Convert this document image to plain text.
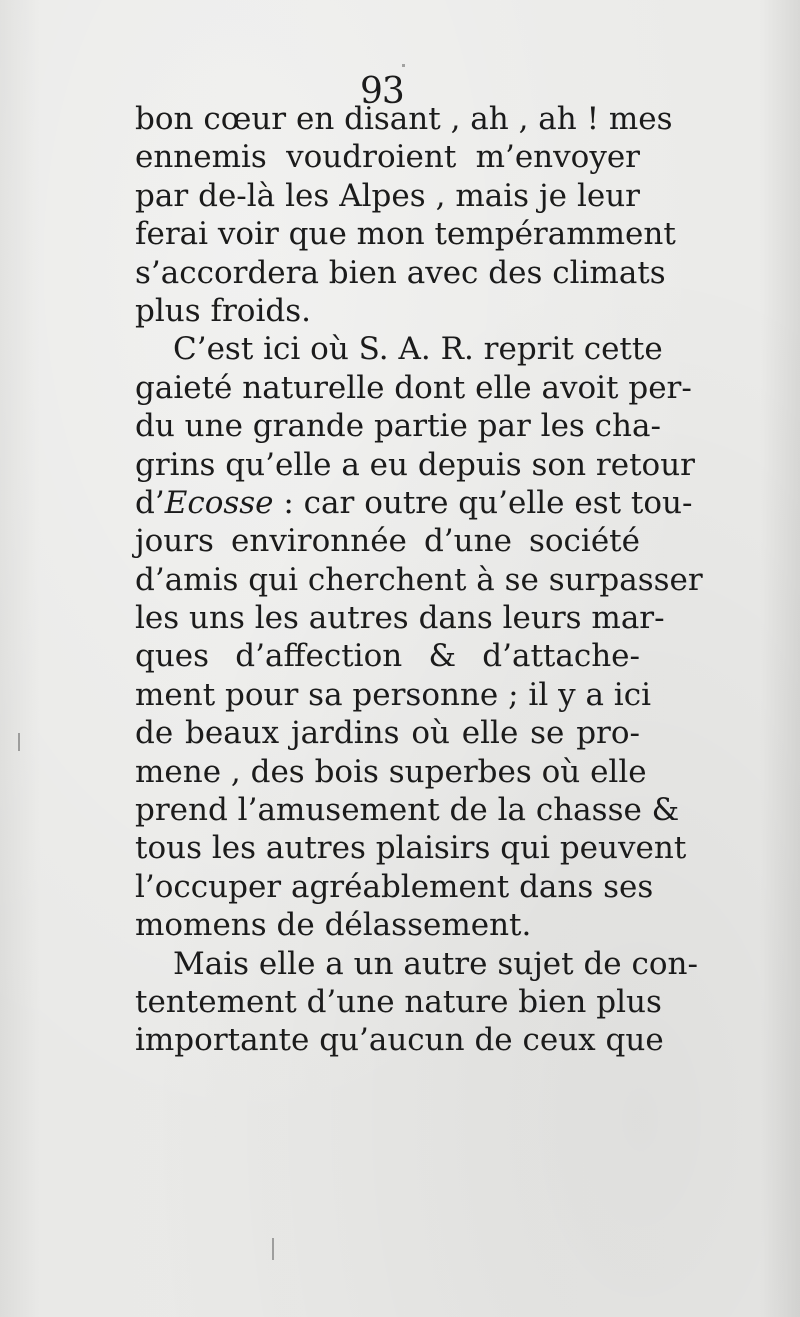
93
bon cœur en disant , ah , ah ! mes
ennemis voudroient m’envoyer
par de-là les Alpes , mais je leur
ferai voir que mon tempéramment
s’accordera bien avec des climats
plus froids.
C’est ici où S. A. R. reprit cette
gaieté naturelle dont elle avoit per-
du une grande partie par les cha-
grins qu’elle a eu depuis son retour
d’Ecosse : car outre qu’elle est tou-
jours environnée d’une société
d’amis qui cherchent à se surpasser
les uns les autres dans leurs mar-
ques d’affection & d’attache-
ment pour sa personne ; il y a ici
de beaux jardins où elle se pro-
mene , des bois superbes où elle
prend l’amusement de la chasse &
tous les autres plaisirs qui peuvent
l’occuper agréablement dans ses
momens de délassement.
Mais elle a un autre sujet de con-
tentement d’une nature bien plus
importante qu’aucun de ceux que
